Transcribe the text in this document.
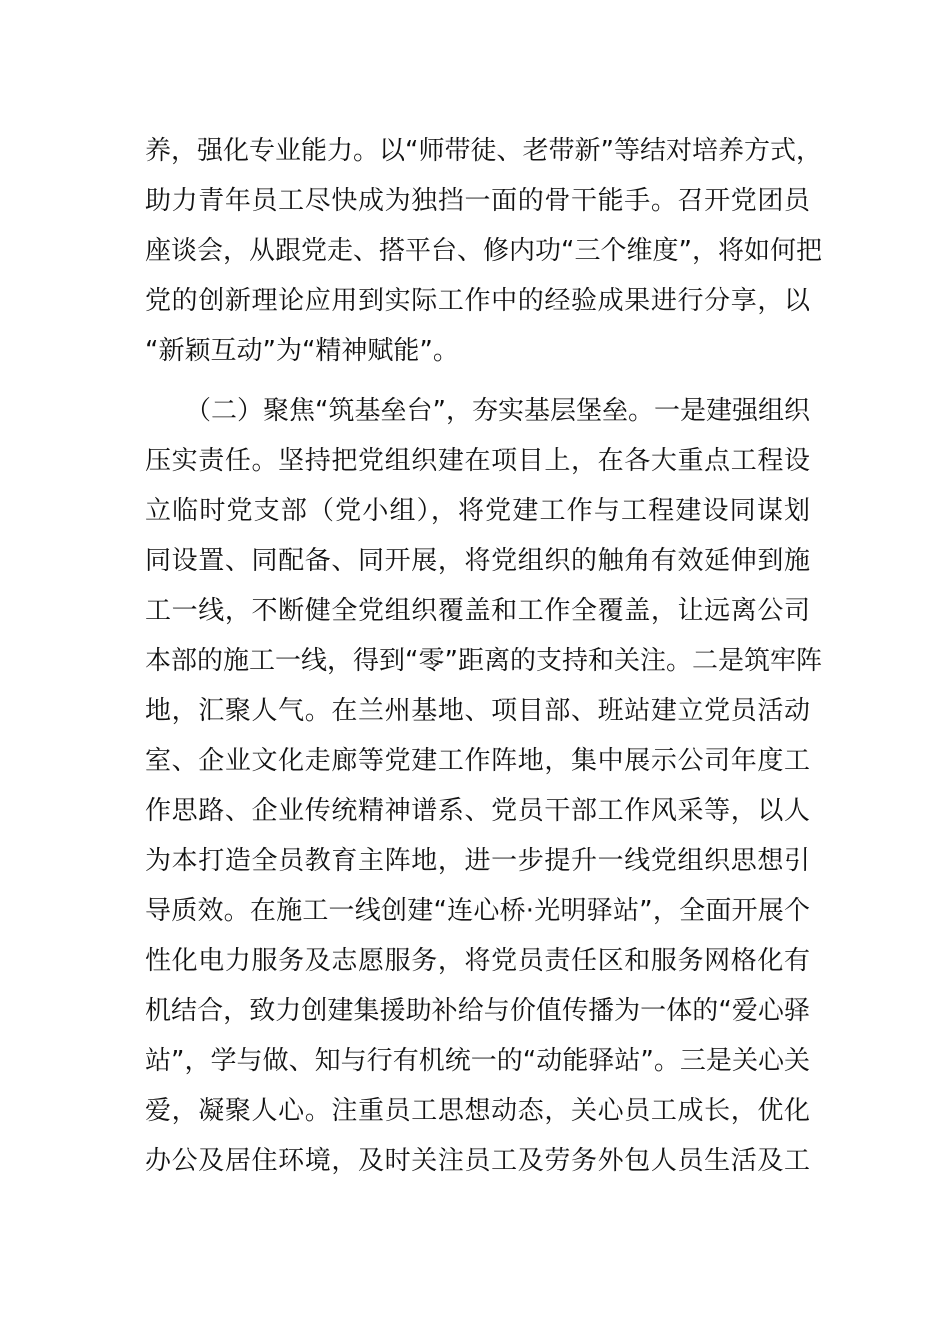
养，强化专业能力。以“师带徒、老带新”等结对培养方式，
助力青年员工尽快成为独挡一面的骨干能手。召开党团员
座谈会，从跟党走、搭平台、修内功“三个维度”，将如何把
党的创新理论应用到实际工作中的经验成果进行分享，以
“新颖互动”为“精神赋能”。
（二）聚焦“筑基垒台”，夯实基层堡垒。一是建强组织
压实责任。坚持把党组织建在项目上，在各大重点工程设
立临时党支部（党小组），将党建工作与工程建设同谋划
同设置、同配备、同开展，将党组织的触角有效延伸到施
工一线，不断健全党组织覆盖和工作全覆盖，让远离公司
本部的施工一线，得到“零”距离的支持和关注。二是筑牢阵
地，汇聚人气。在兰州基地、项目部、班站建立党员活动
室、企业文化走廊等党建工作阵地，集中展示公司年度工
作思路、企业传统精神谱系、党员干部工作风采等，以人
为本打造全员教育主阵地，进一步提升一线党组织思想引
导质效。在施工一线创建“连心桥·光明驿站”，全面开展个
性化电力服务及志愿服务，将党员责任区和服务网格化有
机结合，致力创建集援助补给与价值传播为一体的“爱心驿
站”，学与做、知与行有机统一的“动能驿站”。三是关心关
爱，凝聚人心。注重员工思想动态，关心员工成长，优化
办公及居住环境，及时关注员工及劳务外包人员生活及工
